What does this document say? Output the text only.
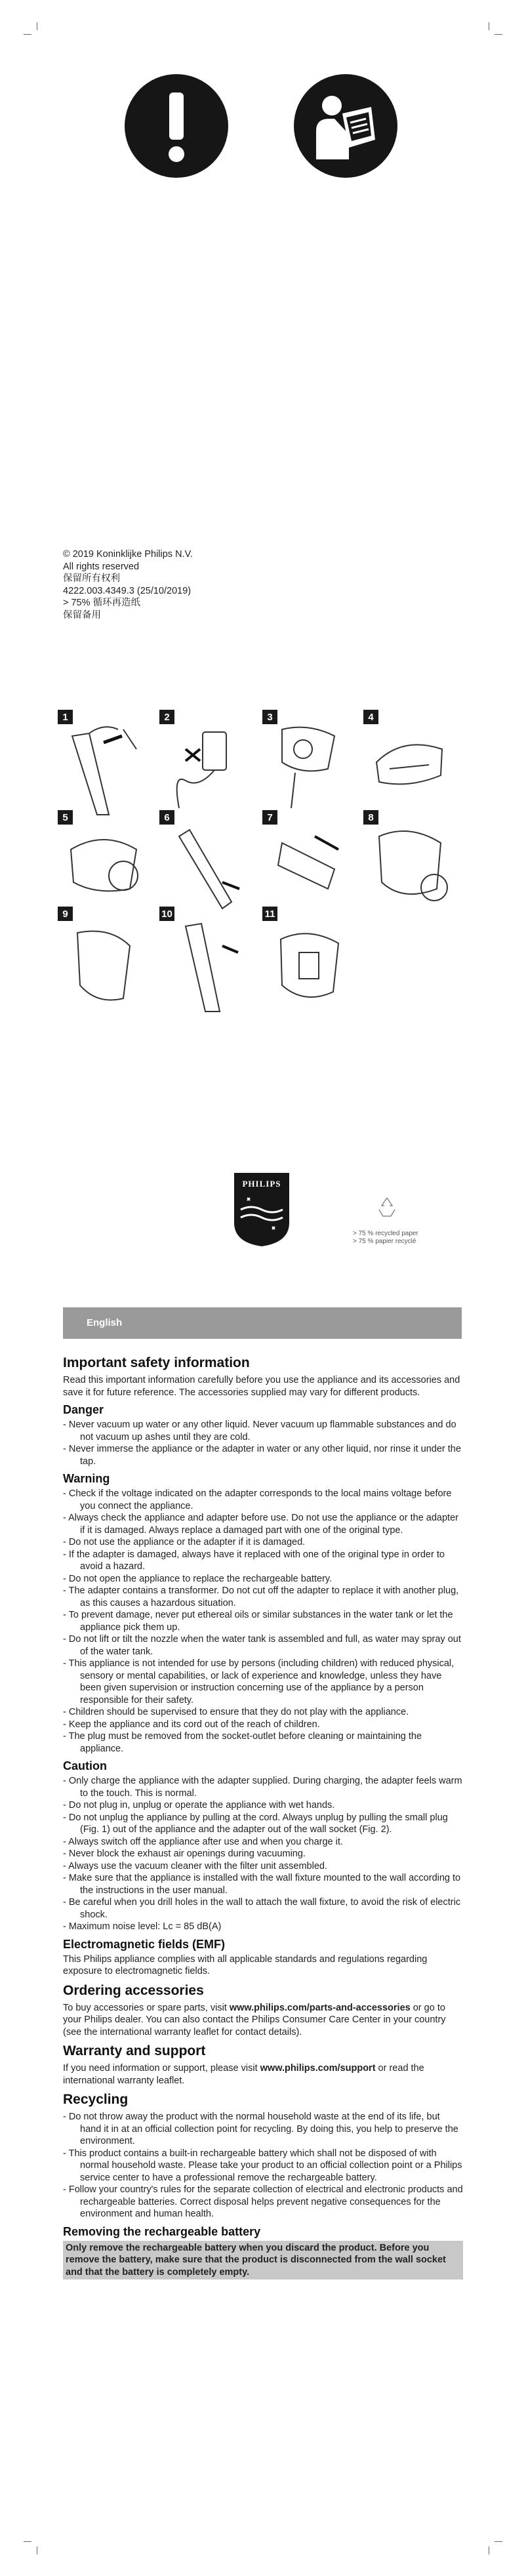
© 2019 Koninklijke Philips N.V.
All rights reserved
保留所有权利
4222.003.4349.3 (25/10/2019)
> 75% 循环再造纸
保留备用
1	2	3	4
5	6	7	8
9	10	11
PHILIPS
> 75 % recycled paper
> 75 % papier recyclé
English
Important safety information

Read this important information carefully before you use the appliance and its accessories and save it for future reference. The accessories supplied may vary for different products.

Danger
- Never vacuum up water or any other liquid. Never vacuum up flammable substances and do not vacuum up ashes until they are cold.
- Never immerse the appliance or the adapter in water or any other liquid, nor rinse it under the tap.
Warning
- Check if the voltage indicated on the adapter corresponds to the local mains voltage before you connect the appliance.
- Always check the appliance and adapter before use. Do not use the appliance or the adapter if it is damaged. Always replace a damaged part with one of the original type.
- Do not use the appliance or the adapter if it is damaged.
- If the adapter is damaged, always have it replaced with one of the original type in order to avoid a hazard.
- Do not open the appliance to replace the rechargeable battery.
- The adapter contains a transformer. Do not cut off the adapter to replace it with another plug, as this causes a hazardous situation.
- To prevent damage, never put ethereal oils or similar substances in the water tank or let the appliance pick them up.
- Do not lift or tilt the nozzle when the water tank is assembled and full, as water may spray out of the water tank.
- This appliance is not intended for use by persons (including children) with reduced physical, sensory or mental capabilities, or lack of experience and knowledge, unless they have been given supervision or instruction concerning use of the appliance by a person responsible for their safety.
- Children should be supervised to ensure that they do not play with the appliance.
- Keep the appliance and its cord out of the reach of children.
- The plug must be removed from the socket-outlet before cleaning or maintaining the appliance.
Caution
- Only charge the appliance with the adapter supplied. During charging, the adapter feels warm to the touch. This is normal.
- Do not plug in, unplug or operate the appliance with wet hands.
- Do not unplug the appliance by pulling at the cord. Always unplug by pulling the small plug (Fig. 1) out of the appliance and the adapter out of the wall socket (Fig. 2).
- Always switch off the appliance after use and when you charge it.
- Never block the exhaust air openings during vacuuming.
- Always use the vacuum cleaner with the filter unit assembled.
- Make sure that the appliance is installed with the wall fixture mounted to the wall according to the instructions in the user manual.
- Be careful when you drill holes in the wall to attach the wall fixture, to avoid the risk of electric shock.
- Maximum noise level: Lc = 85 dB(A)
Electromagnetic fields (EMF)

This Philips appliance complies with all applicable standards and regulations regarding exposure to electromagnetic fields.

Ordering accessories

To buy accessories or spare parts, visit www.philips.com/parts-and-accessories or go to your Philips dealer. You can also contact the Philips Consumer Care Center in your country (see the international warranty leaflet for contact details).

Warranty and support

If you need information or support, please visit www.philips.com/support or read the international warranty leaflet.

Recycling
- Do not throw away the product with the normal household waste at the end of its life, but hand it in at an official collection point for recycling. By doing this, you help to preserve the environment.
- This product contains a built-in rechargeable battery which shall not be disposed of with normal household waste. Please take your product to an official collection point or a Philips service center to have a professional remove the rechargeable battery.
- Follow your country's rules for the separate collection of electrical and electronic products and rechargeable batteries. Correct disposal helps prevent negative consequences for the environment and human health.
Removing the rechargeable battery
Only remove the rechargeable battery when you discard the product. Before you remove the battery, make sure that the product is disconnected from the wall socket and that the battery is completely empty.
